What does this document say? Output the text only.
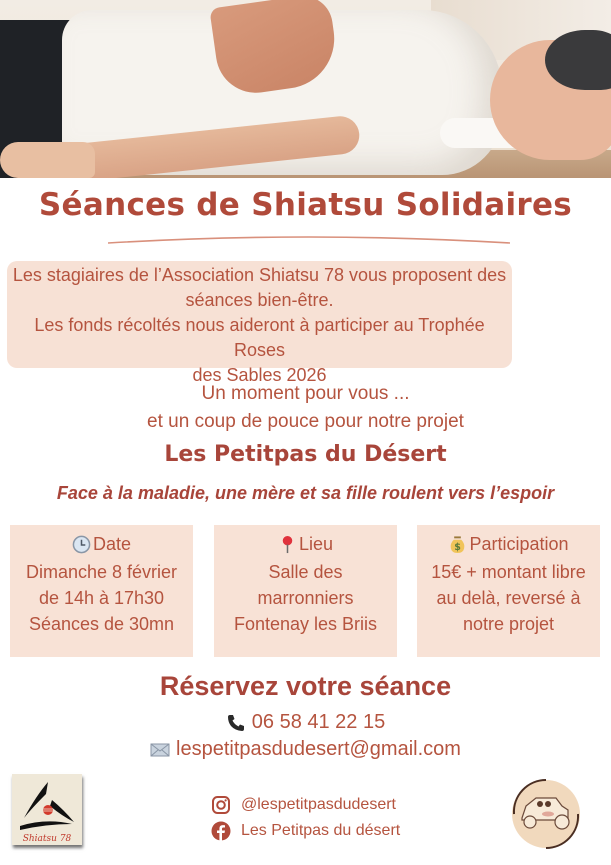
Séances de Shiatsu Solidaires
Les stagiaires de l’Association Shiatsu 78 vous proposent des
séances bien-être.
Les fonds récoltés nous aideront à participer au Trophée Roses
des Sables 2026
Un moment pour vous ...
et un coup de pouce pour notre projet
Les Petitpas du Désert
Face à la maladie, une mère et sa fille roulent vers l’espoir
Date
Dimanche 8 février
de 14h à 17h30
Séances de 30mn
Lieu
Salle des
marronniers
Fontenay les Briis
$ Participation
15€ + montant libre
au delà, reversé à
notre projet
Réservez votre séance
06 58 41 22 15
lespetitpasdudesert@gmail.com
Shiatsu 78
@lespetitpasdudesert
Les Petitpas du désert
